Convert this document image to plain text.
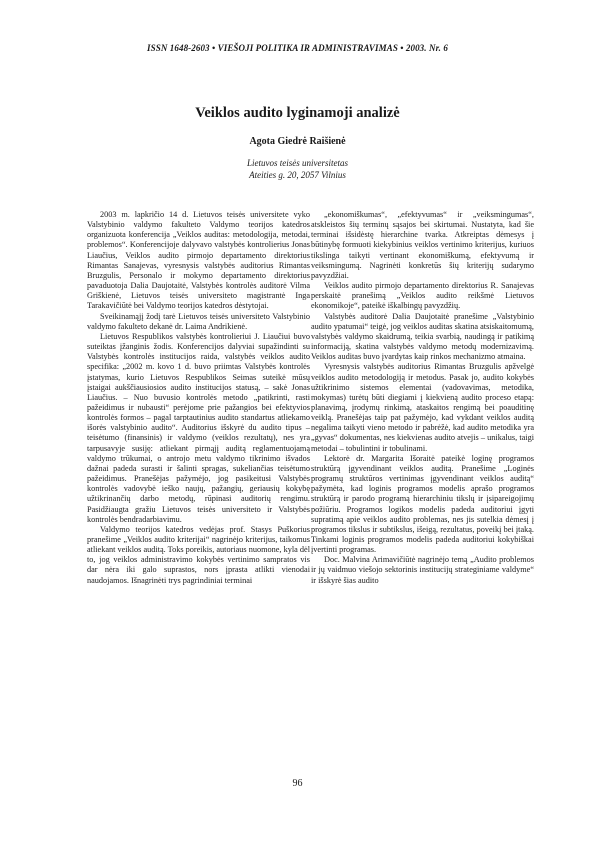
ISSN 1648-2603 • VIEŠOJI POLITIKA IR ADMINISTRAVIMAS • 2003. Nr. 6
Veiklos audito lyginamoji analizė
Agota Giedrė Raišienė
Lietuvos teisės universitetas
Ateities g. 20, 2057 Vilnius

2003 m. lapkričio 14 d. Lietuvos teisės universitete vyko Valstybinio valdymo fakulteto Valdymo teorijos katedros organizuota konferencija „Veiklos auditas: metodologija, metodai, problemos“. Konferencijoje dalyvavo valstybės kontrolierius Jonas Liaučius, Veiklos audito pirmojo departamento direktorius Rimantas Sanajevas, vyresnysis valstybės auditorius Rimantas Bruzgulis, Personalo ir mokymo departamento direktorius pavaduotoja Dalia Daujotaitė, Valstybės kontrolės auditorė Vilma Griškienė, Lietuvos teisės universiteto magistrantė Inga Tarakavičiūtė bei Valdymo teorijos katedros dėstytojai.

Sveikinamąjį žodį tarė Lietuvos teisės universiteto Valstybinio valdymo fakulteto dekanė dr. Laima Andrikienė.

Lietuvos Respublikos valstybės kontrolieriui J. Liaučiui buvo suteiktas įžanginis žodis. Konferencijos dalyviai supažindinti su Valstybės kontrolės institucijos raida, valstybės veiklos audito specifika: „2002 m. kovo 1 d. buvo priimtas Valstybės kontrolės įstatymas, kurio Lietuvos Respublikos Seimas suteikė mūsų įstaigai aukščiausiosios audito institucijos statusą, – sakė Jonas Liaučius. – Nuo buvusio kontrolės metodo „patikrinti, rasti pažeidimus ir nubausti“ perėjome prie pažangios bei efektyvios kontrolės formos – pagal tarptautinius audito standartus atliekamo išorės valstybinio audito“. Auditorius išskyrė du audito tipus – teisėtumo (finansinis) ir valdymo (veiklos rezultatų), nes yra tarpusavyje susiję: atliekant pirmąjį auditą reglamentuojamą valdymo trūkumai, o antrojo metu valdymo tikrinimo išvados dažnai padeda surasti ir šalinti spragas, sukeliančias teisėtumo pažeidimus. Pranešėjas pažymėjo, jog pasikeitusi Valstybės kontrolės vadovybė ieško naujų, pažangių, geriausių kokybę užtikrinančių darbo metodų, rūpinasi auditorių rengimu. Pasidžiaugta gražiu Lietuvos teisės universiteto ir Valstybės kontrolės bendradarbiavimu.

Valdymo teorijos katedros vedėjas prof. Stasys Puškorius pranešime „Veiklos audito kriterijai“ nagrinėjo kriterijus, taikomus atliekant veiklos auditą. Toks poreikis, autoriaus nuomone, kyla dėl to, jog veiklos administravimo kokybės vertinimo sampratos vis dar nėra iki galo suprastos, nors įprasta atlikti vienodai naudojamos. Išnagrinėti trys pagrindiniai terminai

„ekonomiškumas“, „efektyvumas“ ir „veiksmingumas“, atskleistos šių terminų sąsajos bei skirtumai. Nustatyta, kad šie terminai išsidėstę hierarchine tvarka. Atkreiptas dėmesys į būtinybę formuoti kiekybinius veiklos vertinimo kriterijus, kuriuos tikslinga taikyti vertinant ekonomiškumą, efektyvumą ir veiksmingumą. Nagrinėti konkretūs šių kriterijų sudarymo pavyzdžiai.

Veiklos audito pirmojo departamento direktorius R. Sanajevas perskaitė pranešimą „Veiklos audito reikšmė Lietuvos ekonomikoje“, pateikė iškalbingų pavyzdžių.

Valstybės auditorė Dalia Daujotaitė pranešime „Valstybinio audito ypatumai“ teigė, jog veiklos auditas skatina atsiskaitomumą, valstybės valdymo skaidrumą, teikia svarbią, naudingą ir patikimą informaciją, skatina valstybės valdymo metodų modernizavimą. Veiklos auditas buvo įvardytas kaip rinkos mechanizmo atmaina.

Vyresnysis valstybės auditorius Rimantas Bruzgulis apžvelgė veiklos audito metodologiją ir metodus. Pasak jo, audito kokybės užtikrinimo sistemos elementai (vadovavimas, metodika, mokymas) turėtų būti diegiami į kiekvieną audito proceso etapą: planavimą, įrodymų rinkimą, ataskaitos rengimą bei poauditinę veiklą. Pranešėjas taip pat pažymėjo, kad vykdant veiklos auditą negalima taikyti vieno metodo ir pabrėžė, kad audito metodika yra „gyvas“ dokumentas, nes kiekvienas audito atvejis – unikalus, taigi metodai – tobulintini ir tobulinami.

Lektorė dr. Margarita Išoraitė pateikė loginę programos struktūrą įgyvendinant veiklos auditą. Pranešime „Loginės programų struktūros vertinimas įgyvendinant veiklos auditą“ pažymėta, kad loginis programos modelis aprašo programos struktūrą ir parodo programą hierarchiniu tikslų ir įsipareigojimų požiūriu. Programos logikos modelis padeda auditoriui įgyti supratimą apie veiklos audito problemas, nes jis sutelkia dėmesį į programos tikslus ir subtikslus, išeigą, rezultatus, poveikį bei įtaką. Tinkami loginis programos modelis padeda auditoriui kokybiškai įvertinti programas.

Doc. Malvina Arimavičiūtė nagrinėjo temą „Audito problemos ir jų vaidmuo viešojo sektorinis institucijų strateginiame valdyme“ ir išskyrė šias audito

96
